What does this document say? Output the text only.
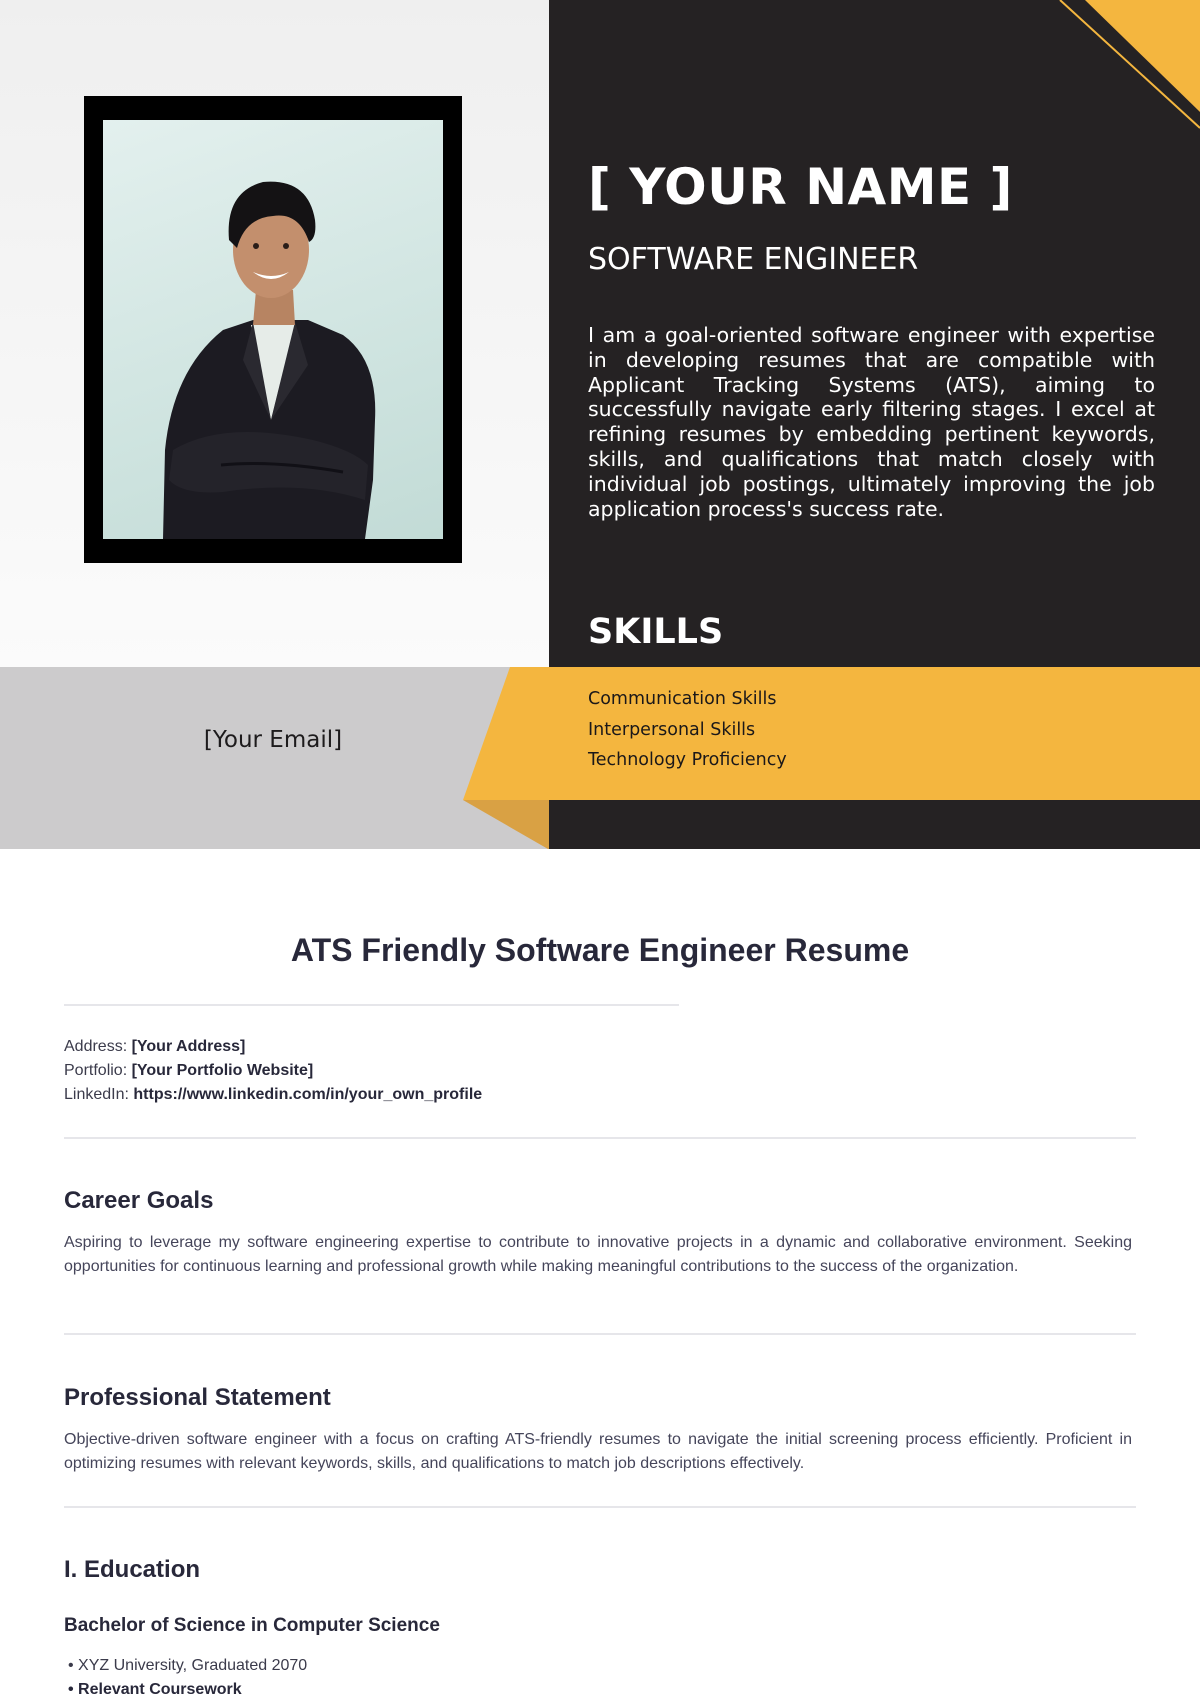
[Your Email]
[ YOUR NAME ]
SOFTWARE ENGINEER

I am a goal-oriented software engineer with expertise in developing resumes that are compatible with Applicant Tracking Systems (ATS), aiming to successfully navigate early filtering stages. I excel at refining resumes by embedding pertinent keywords, skills, and qualifications that match closely with individual job postings, ultimately improving the job application process's success rate.

SKILLS
Communication Skills
Interpersonal Skills
Technology Proficiency
ATS Friendly Software Engineer Resume
Address: [Your Address]
Portfolio: [Your Portfolio Website]
LinkedIn: https://www.linkedin.com/in/your_own_profile
Career Goals

Aspiring to leverage my software engineering expertise to contribute to innovative projects in a dynamic and collaborative environment. Seeking opportunities for continuous learning and professional growth while making meaningful contributions to the success of the organization.

Professional Statement

Objective-driven software engineer with a focus on crafting ATS-friendly resumes to navigate the initial screening process efficiently. Proficient in optimizing resumes with relevant keywords, skills, and qualifications to match job descriptions effectively.

I. Education
Bachelor of Science in Computer Science
• XYZ University, Graduated 2070
• Relevant Coursework
